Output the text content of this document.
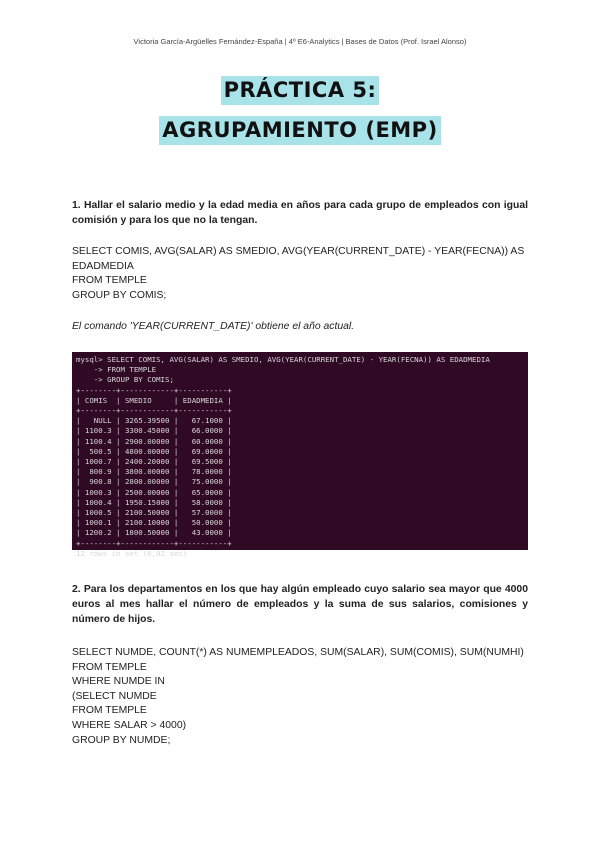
Victoria García-Argüelles Fernández-España | 4º E6-Analytics | Bases de Datos (Prof. Israel Alonso)
PRÁCTICA 5:
AGRUPAMIENTO (EMP)
1. Hallar el salario medio y la edad media en años para cada grupo de empleados con igual comisión y para los que no la tengan.
SELECT COMIS, AVG(SALAR) AS SMEDIO, AVG(YEAR(CURRENT_DATE) - YEAR(FECNA)) AS
EDADMEDIA
FROM TEMPLE
GROUP BY COMIS;
El comando 'YEAR(CURRENT_DATE)' obtiene el año actual.
mysql> SELECT COMIS, AVG(SALAR) AS SMEDIO, AVG(YEAR(CURRENT_DATE) - YEAR(FECNA)) AS EDADMEDIA
-> FROM TEMPLE
-> GROUP BY COMIS;
+--------+------------+-----------+
| COMIS  | SMEDIO     | EDADMEDIA |
+--------+------------+-----------+
|   NULL | 3265.39500 |   67.1000 |
| 1100.3 | 3300.45000 |   66.0000 |
| 1100.4 | 2900.00000 |   60.0000 |
|  500.5 | 4800.00000 |   69.0000 |
| 1000.7 | 2400.20000 |   69.5000 |
|  800.9 | 3800.00000 |   78.0000 |
|  900.8 | 2800.00000 |   75.0000 |
| 1000.3 | 2500.00000 |   65.0000 |
| 1000.4 | 1950.15000 |   58.0000 |
| 1000.5 | 2100.50000 |   57.0000 |
| 1000.1 | 2100.10000 |   50.0000 |
| 1200.2 | 1800.50000 |   43.0000 |
+--------+------------+-----------+
12 rows in set (0,02 sec)
2. Para los departamentos en los que hay algún empleado cuyo salario sea mayor que 4000 euros al mes hallar el número de empleados y la suma de sus salarios, comisiones y número de hijos.
SELECT NUMDE, COUNT(*) AS NUMEMPLEADOS, SUM(SALAR), SUM(COMIS), SUM(NUMHI)
FROM TEMPLE
WHERE NUMDE IN
(SELECT NUMDE
FROM TEMPLE
WHERE SALAR > 4000)
GROUP BY NUMDE;
